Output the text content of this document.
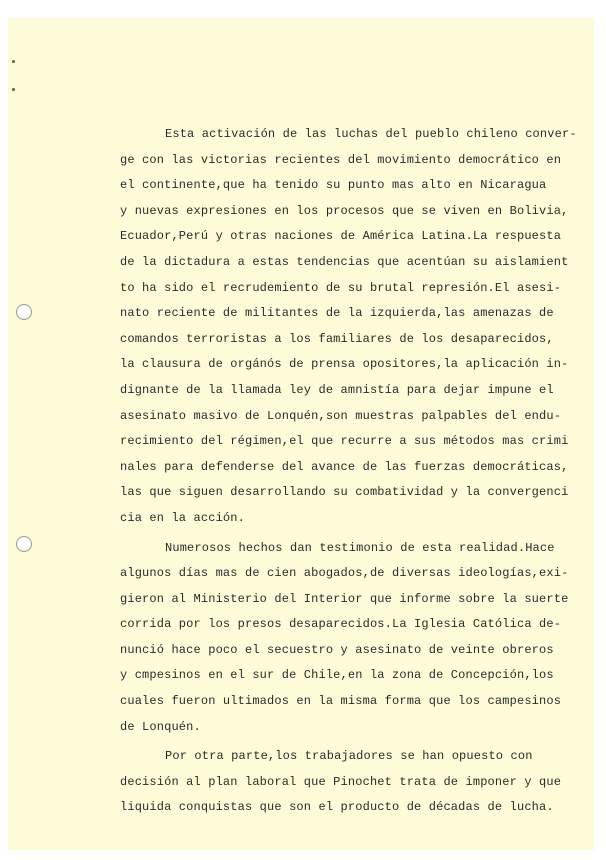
Esta activación de las luchas del pueblo chileno conver-
ge con las victorias recientes del movimiento democrático en
el continente,que ha tenido su punto mas alto en Nicaragua
y nuevas expresiones en los procesos que se viven en Bolivia,
Ecuador,Perú y otras naciones de América Latina.La respuesta
de la dictadura a estas tendencias que acentúan su aislamient
to ha sido el recrudemiento de su brutal represión.El asesi-
nato reciente de militantes de la izquierda,las amenazas de
comandos terroristas a los familiares de los desaparecidos,
la clausura de orgánós de prensa opositores,la aplicación in-
dignante de la llamada ley de amnistía para dejar impune el
asesinato masivo de Lonquén,son muestras palpables del endu-
recimiento del régimen,el que recurre a sus métodos mas crimi
nales para defenderse del avance de las fuerzas democráticas,
las que siguen desarrollando su combatividad y la convergenci
cia en la acción.
Numerosos hechos dan testimonio de esta realidad.Hace
algunos días mas de cien abogados,de diversas ideologías,exi-
gieron al Ministerio del Interior que informe sobre la suerte
corrida por los presos desaparecidos.La Iglesia Católica de-
nunció hace poco el secuestro y asesinato de veinte obreros
y cmpesinos en el sur de Chile,en la zona de Concepción,los
cuales fueron ultimados en la misma forma que los campesinos
de Lonquén.
Por otra parte,los trabajadores se han opuesto con
decisión al plan laboral que Pinochet trata de imponer y que
liquida conquistas que son el producto de décadas de lucha.
